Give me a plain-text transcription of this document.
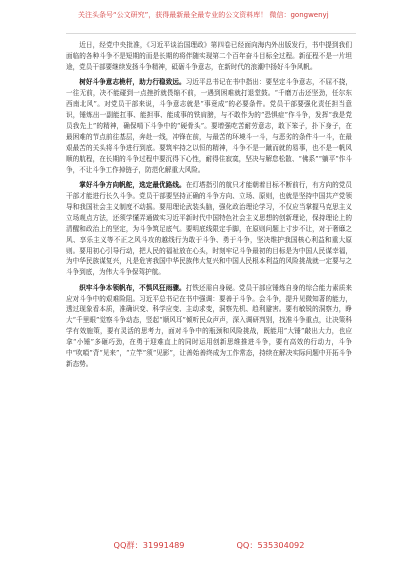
关注头条号“公文研究”，获得最新最全最专业的公文资料库！ 微信：gongwenyj

近日，经党中央批准，《习近平谈治国理政》第四卷已经面向海内外出版发行，书中提到我们面临的各种斗争不是短期的而是长期的将伴随实现第二个百年奋斗目标全过程。新征程不是一片坦途，党员干部要继续发扬斗争精神，砥砺斗争意志，在新时代的浪潮中扬好斗争风帆。

树好斗争意志桅杆，助力行稳致远。习近平总书记在书中指出：要坚定斗争意志，不屈不挠，一往无前，决不能碰到一点挫折就畏缩不前，一遇到困难就打退堂鼓。“千磨万击还坚劲，任尔东西南北风”。对党员干部来说，斗争意志就是“事竟成”的必要条件。党员干部要强化责任担当意识，锤炼出一副能扛事、能担事、能成事的铁肩膀，与不敢作为的“恐惧症”作斗争，发挥“我是党员我先上”的精神，确保啃下斗争中的“硬骨头”。要增强吃苦耐劳意志，敢下笨子，扑下身子，在最困难的节点前往基层，奔赴一线，冲锋在前，与最苦的环境斗一斗，与恶劣的条件斗一斗，在最艰最苦的关头将斗争进行到底。要筑牢持之以恒的精神，斗争不是一蹴而就的易事，也不是一帆风顺的航程，在长期的斗争过程中要沉得下心性，耐得住寂寞，坚决与解怠松散、“佛系”“躺平”作斗争，不让斗争工作掉链子，防范化解重大风险。

掌好斗争方向帆舵，选定最优路线。在灯塔指引的航只才能朝着目标不断前行，有方向的党员干部才能进行长久斗争。党员干部要坚持正确的斗争方向、立场、原则，也就是坚持中国共产党领导和我国社会主义制度不动摇。要用理论武装头脑，强化政治理论学习，不仅应当掌握马克思主义立场观点方法，还须学懂弄通做实习近平新时代中国特色社会主义思想的创新理论，保持理论上的清醒和政治上的坚定，为斗争筑足底气。要明底线限定手脚，在原则问题上寸步不让，对于奢靡之风、享乐主义等不正之风斗攻的越线行为敢于斗争、勇于斗争，坚决维护我国核心利益和重大原则。要用初心引导行动，把人民的福祉放在心头，时刻牢记斗争最初的目标是为中国人民谋幸福，为中华民族谋复兴，凡是危害我国中华民族伟大复兴和中国人民根本利益的风险挑战就一定要与之斗争到底，为伟大斗争保驾护航。

织牢斗争本领帆布，不惧风狂雨骤。打铁还需自身硬。党员干部应锤炼自身的综合能力素质来应对斗争中的艰难险阻。习近平总书记在书中强调：要善于斗争。会斗争，提升见微知著的能力，透过现象看本质，准确识变、科学应变、主动求变，洞察先机、趋利避害。要有敏锐的洞察力，睁大“千里眼”觉察斗争动态，竖起“顺风耳”倾听民众声声，深入调研判别，找准斗争重点，让决策科学有效施策，要有灵活的思考力，面对斗争中的瓶颈和风险挑战，既能用“大锤”敲出大力，也应拿“小锤”多砸巧劲，在勇于迎难直上的同时运用创新思维推进斗争，要有高效的行动力，斗争中“吹嗩”背“见来”，“立竿”须“见影”，让善始善终成为工作常态，持续在解决实际问题中开拓斗争新态势。

QQ群：31991489	QQ：535304092
